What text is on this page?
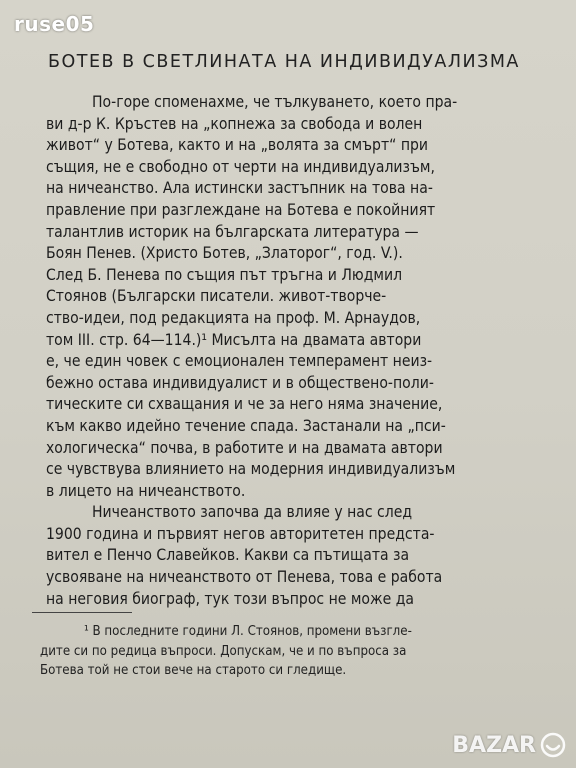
ruse05
БОТЕВ В СВЕТЛИНАТА НА ИНДИВИДУАЛИЗМА
По-горе споменахме, че тълкуването, което пра-
ви д-р К. Кръстев на „копнежа за свобода и волен
живот“ у Ботева, както и на „волята за смърт“ при
същия, не е свободно от черти на индивидуализъм,
на ничеанство. Ала истински застъпник на това на-
правление при разглеждане на Ботева е покойният
талантлив историк на българската литература —
Боян Пенев. (Христо Ботев, „Златорог“, год. V.).
След Б. Пенева по същия път тръгна и Людмил
Стоянов (Български писатели. живот-творче-
ство-идеи, под редакцията на проф. М. Арнаудов,
том III. стр. 64—114.)¹ Мисълта на двамата автори
е, че един човек с емоционален темперамент неиз-
бежно остава индивидуалист и в обществено-поли-
тическите си схващания и че за него няма значение,
към какво идейно течение спада. Застанали на „пси-
хологическа“ почва, в работите и на двамата автори
се чувствува влиянието на модерния индивидуализъм
в лицето на ничеанството.
Ничеанството започва да влияе у нас след
1900 година и първият негов авторитетен предста-
вител е Пенчо Славейков. Какви са пътищата за
усвояване на ничеанството от Пенева, това е работа
на неговия биограф, тук този въпрос не може да
¹ В последните години Л. Стоянов, промени възгле-
дите си по редица въпроси. Допускам, че и по въпроса за
Ботева той не стои вече на старото си гледище.
BAZAR
